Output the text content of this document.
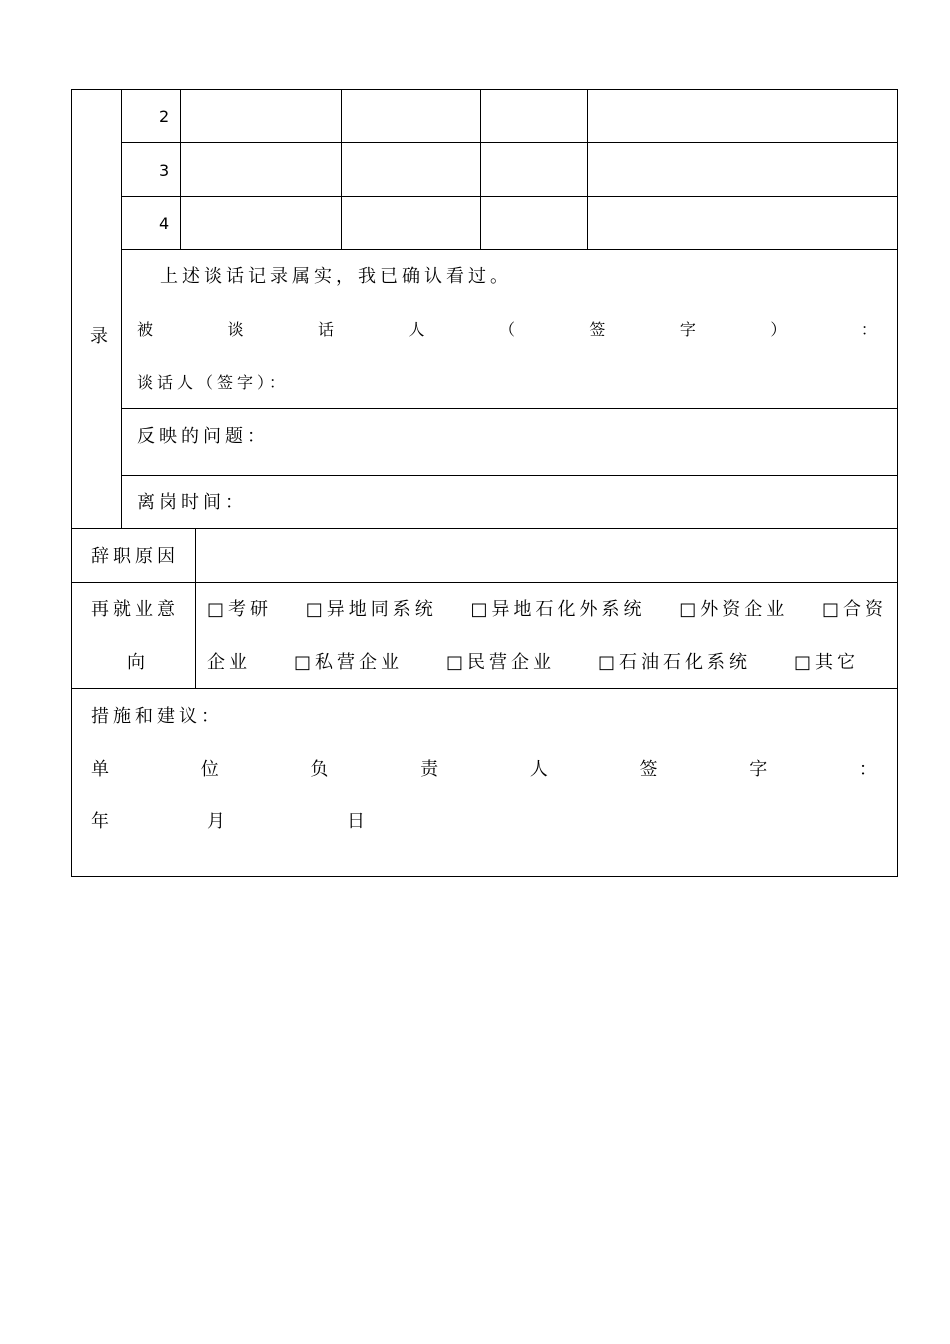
录
2
3
4
上述谈话记录属实，我已确认看过。
被	谈	话	人	（	签	字	）	：
谈话人（签字）：
反映的问题：
离岗时间：
辞职原因
再就业意
向
□考研 □异地同系统 □异地石化外系统 □外资企业 □合资
企业 □私营企业 □民营企业 □石油石化系统 □其它
措施和建议：
单	位	负	责	人	签	字	：
年	月	日
